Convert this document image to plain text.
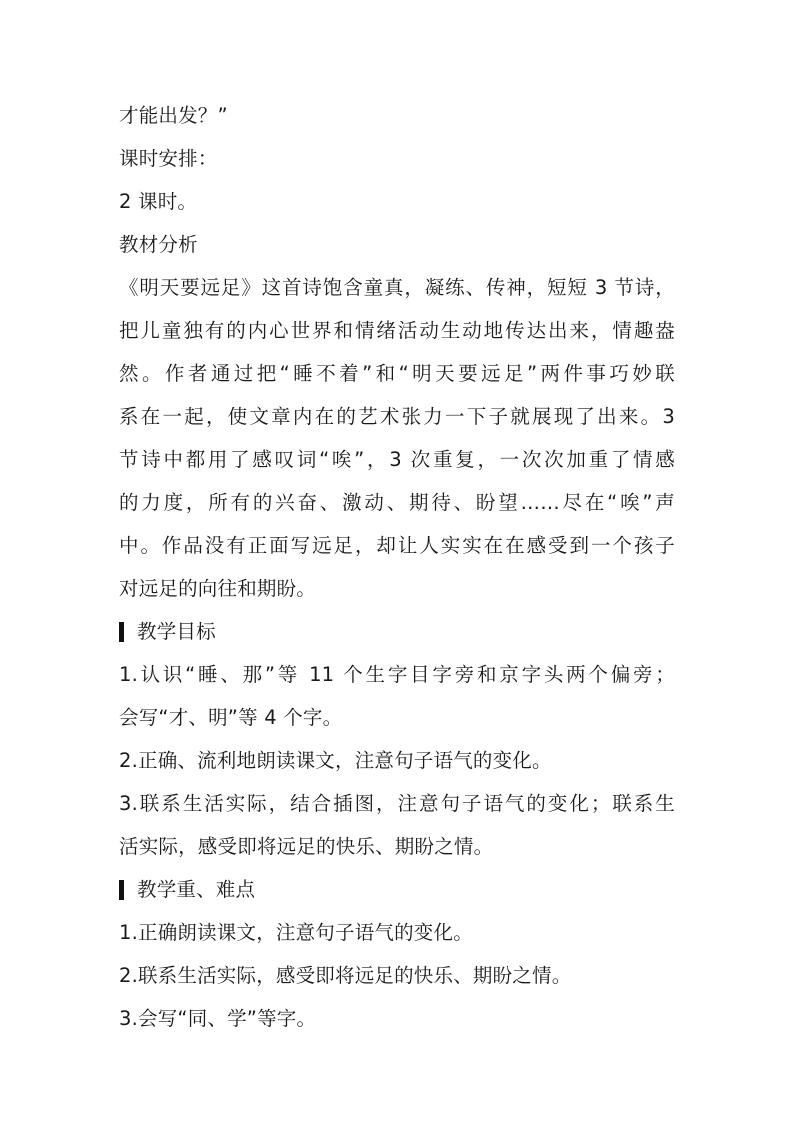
才能出发？”
课时安排：
2 课时。
教材分析
《明天要远足》这首诗饱含童真，凝练、传神，短短 3 节诗，
把儿童独有的内心世界和情绪活动生动地传达出来，情趣盎
然。作者通过把“睡不着”和“明天要远足”两件事巧妙联
系在一起，使文章内在的艺术张力一下子就展现了出来。3
节诗中都用了感叹词“唉”，3 次重复，一次次加重了情感
的力度，所有的兴奋、激动、期待、盼望……尽在“唉”声
中。作品没有正面写远足，却让人实实在在感受到一个孩子
对远足的向往和期盼。
教学目标
1.认识“睡、那”等 11 个生字目字旁和京字头两个偏旁；
会写“才、明”等 4 个字。
2.正确、流利地朗读课文，注意句子语气的变化。
3.联系生活实际，结合插图，注意句子语气的变化；联系生
活实际，感受即将远足的快乐、期盼之情。
教学重、难点
1.正确朗读课文，注意句子语气的变化。
2.联系生活实际，感受即将远足的快乐、期盼之情。
3.会写“同、学”等字。
